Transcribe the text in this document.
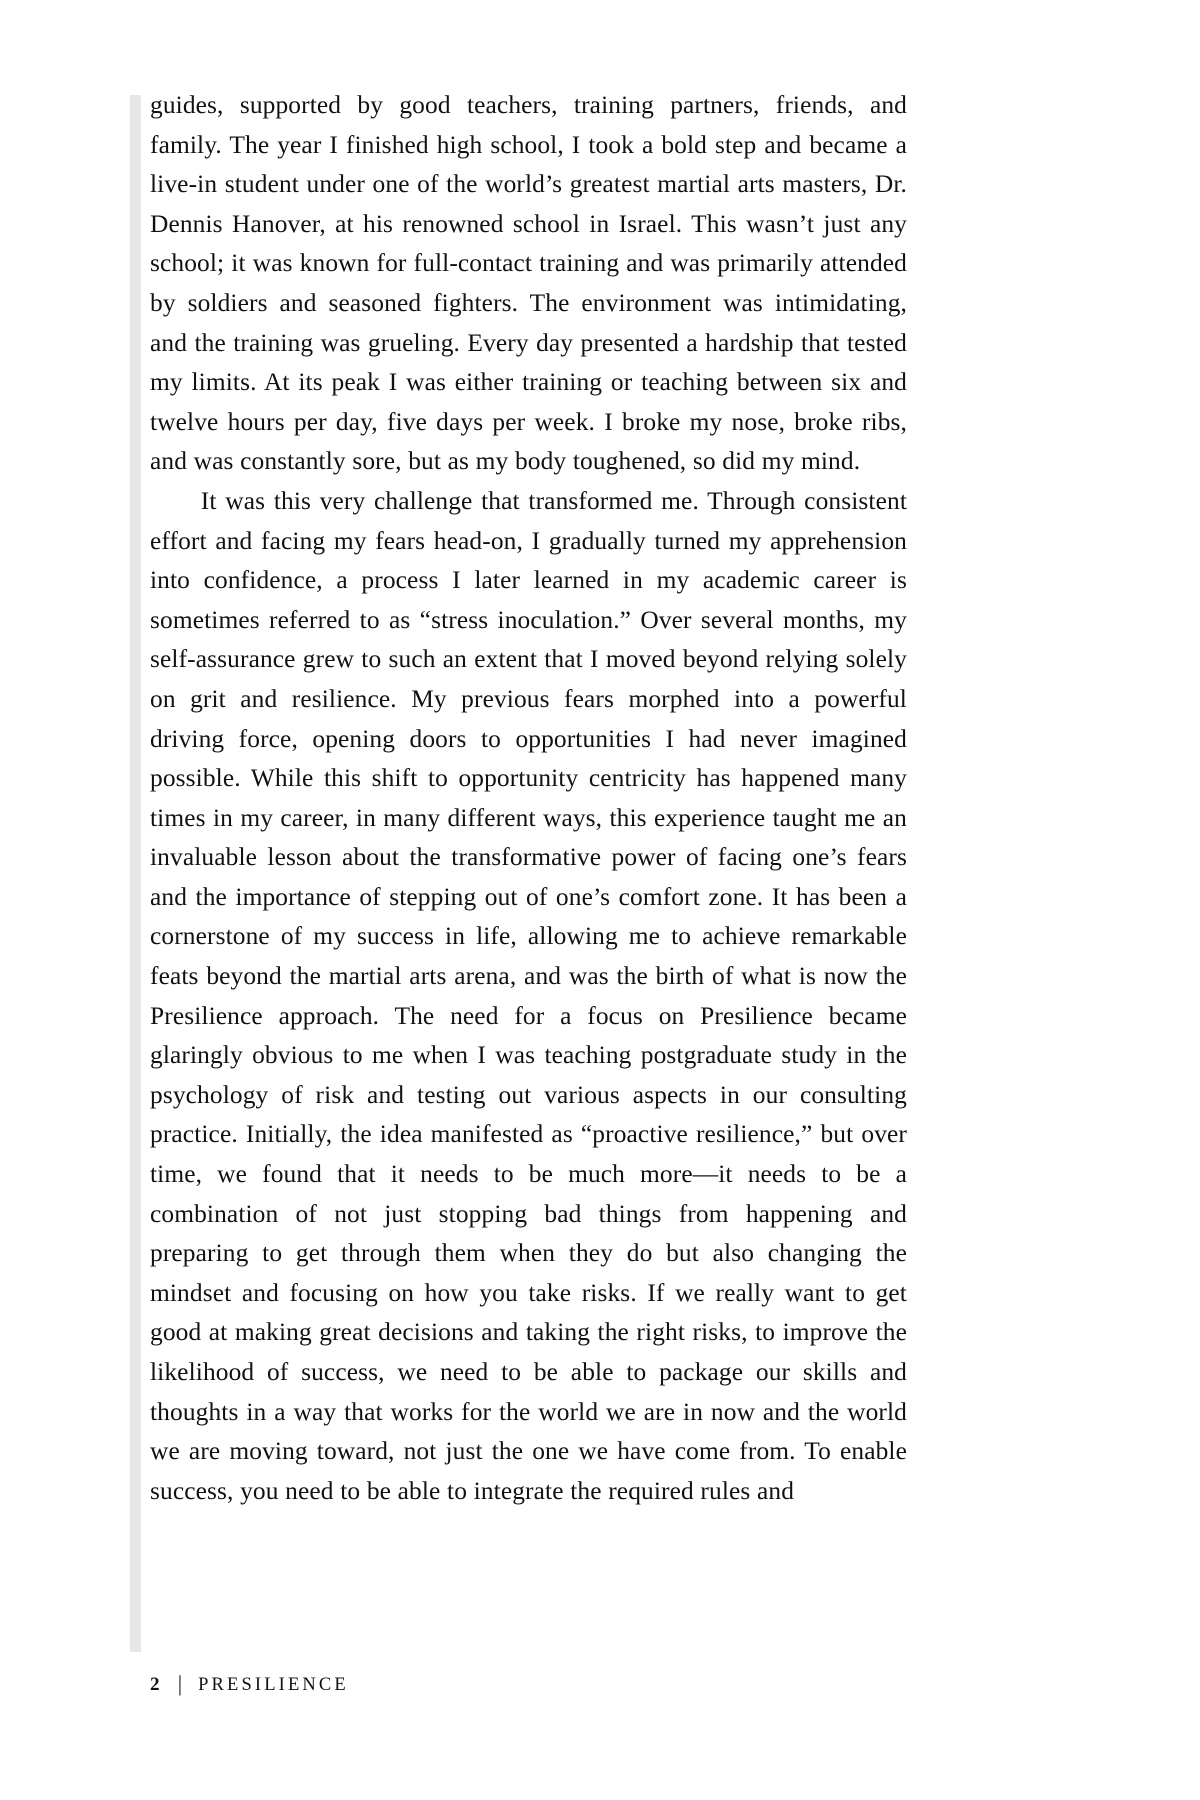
guides, supported by good teachers, training partners, friends, and family. The year I finished high school, I took a bold step and became a live-in student under one of the world’s greatest martial arts masters, Dr. Dennis Hanover, at his renowned school in Israel. This wasn’t just any school; it was known for full-contact training and was primarily attended by soldiers and seasoned fighters. The environment was intimidating, and the training was grueling. Every day presented a hardship that tested my limits. At its peak I was either training or teaching between six and twelve hours per day, five days per week. I broke my nose, broke ribs, and was constantly sore, but as my body toughened, so did my mind.

It was this very challenge that transformed me. Through consistent effort and facing my fears head-on, I gradually turned my apprehension into confidence, a process I later learned in my academic career is sometimes referred to as “stress inoculation.” Over several months, my self-assurance grew to such an extent that I moved beyond relying solely on grit and resilience. My previous fears morphed into a powerful driving force, opening doors to opportunities I had never imagined possible. While this shift to opportunity centricity has happened many times in my career, in many different ways, this experience taught me an invaluable lesson about the transformative power of facing one’s fears and the importance of stepping out of one’s comfort zone. It has been a cornerstone of my success in life, allowing me to achieve remarkable feats beyond the martial arts arena, and was the birth of what is now the Presilience approach. The need for a focus on Presilience became glaringly obvious to me when I was teaching postgraduate study in the psychology of risk and testing out various aspects in our consulting practice. Initially, the idea manifested as “proactive resilience,” but over time, we found that it needs to be much more—it needs to be a combination of not just stopping bad things from happening and preparing to get through them when they do but also changing the mindset and focusing on how you take risks. If we really want to get good at making great decisions and taking the right risks, to improve the likelihood of success, we need to be able to package our skills and thoughts in a way that works for the world we are in now and the world we are moving toward, not just the one we have come from. To enable success, you need to be able to integrate the required rules and

2 | PRESILIENCE
